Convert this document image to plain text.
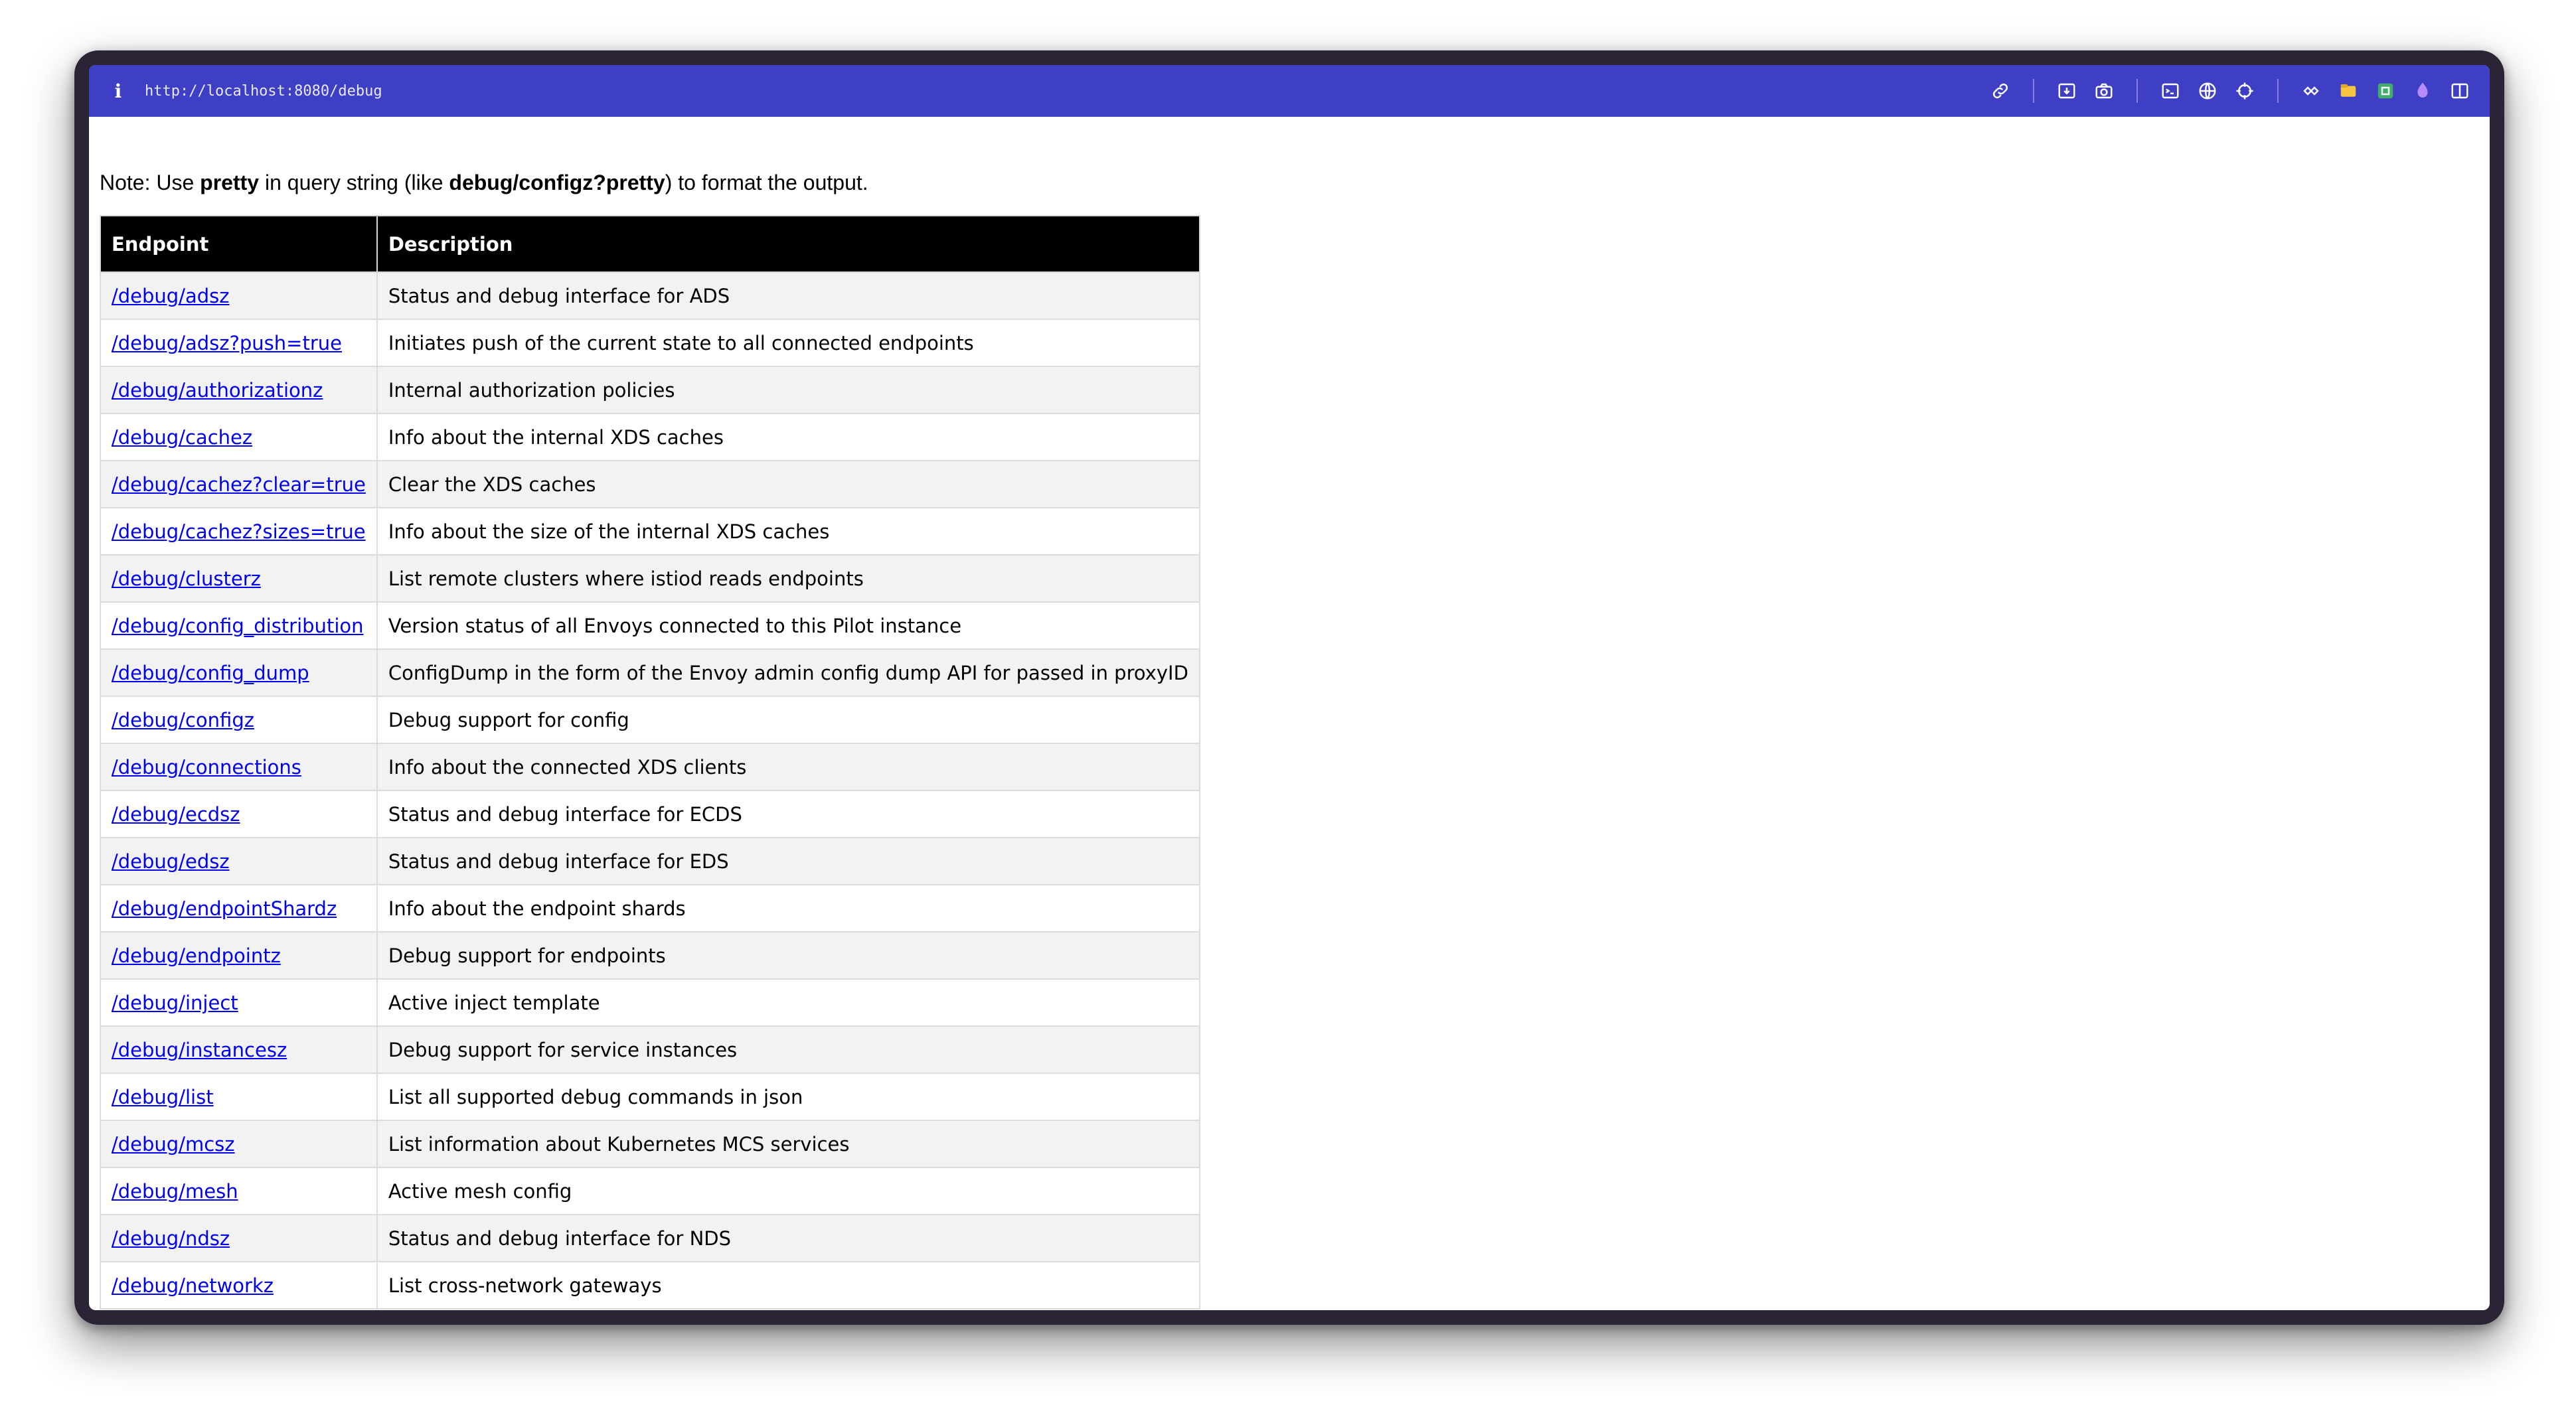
i	http://localhost:8080/debug

Note: Use pretty in query string (like debug/configz?pretty) to format the output.

Endpoint	Description
/debug/adsz	Status and debug interface for ADS
/debug/adsz?push=true	Initiates push of the current state to all connected endpoints
/debug/authorizationz	Internal authorization policies
/debug/cachez	Info about the internal XDS caches
/debug/cachez?clear=true	Clear the XDS caches
/debug/cachez?sizes=true	Info about the size of the internal XDS caches
/debug/clusterz	List remote clusters where istiod reads endpoints
/debug/config_distribution	Version status of all Envoys connected to this Pilot instance
/debug/config_dump	ConfigDump in the form of the Envoy admin config dump API for passed in proxyID
/debug/configz	Debug support for config
/debug/connections	Info about the connected XDS clients
/debug/ecdsz	Status and debug interface for ECDS
/debug/edsz	Status and debug interface for EDS
/debug/endpointShardz	Info about the endpoint shards
/debug/endpointz	Debug support for endpoints
/debug/inject	Active inject template
/debug/instancesz	Debug support for service instances
/debug/list	List all supported debug commands in json
/debug/mcsz	List information about Kubernetes MCS services
/debug/mesh	Active mesh config
/debug/ndsz	Status and debug interface for NDS
/debug/networkz	List cross-network gateways
